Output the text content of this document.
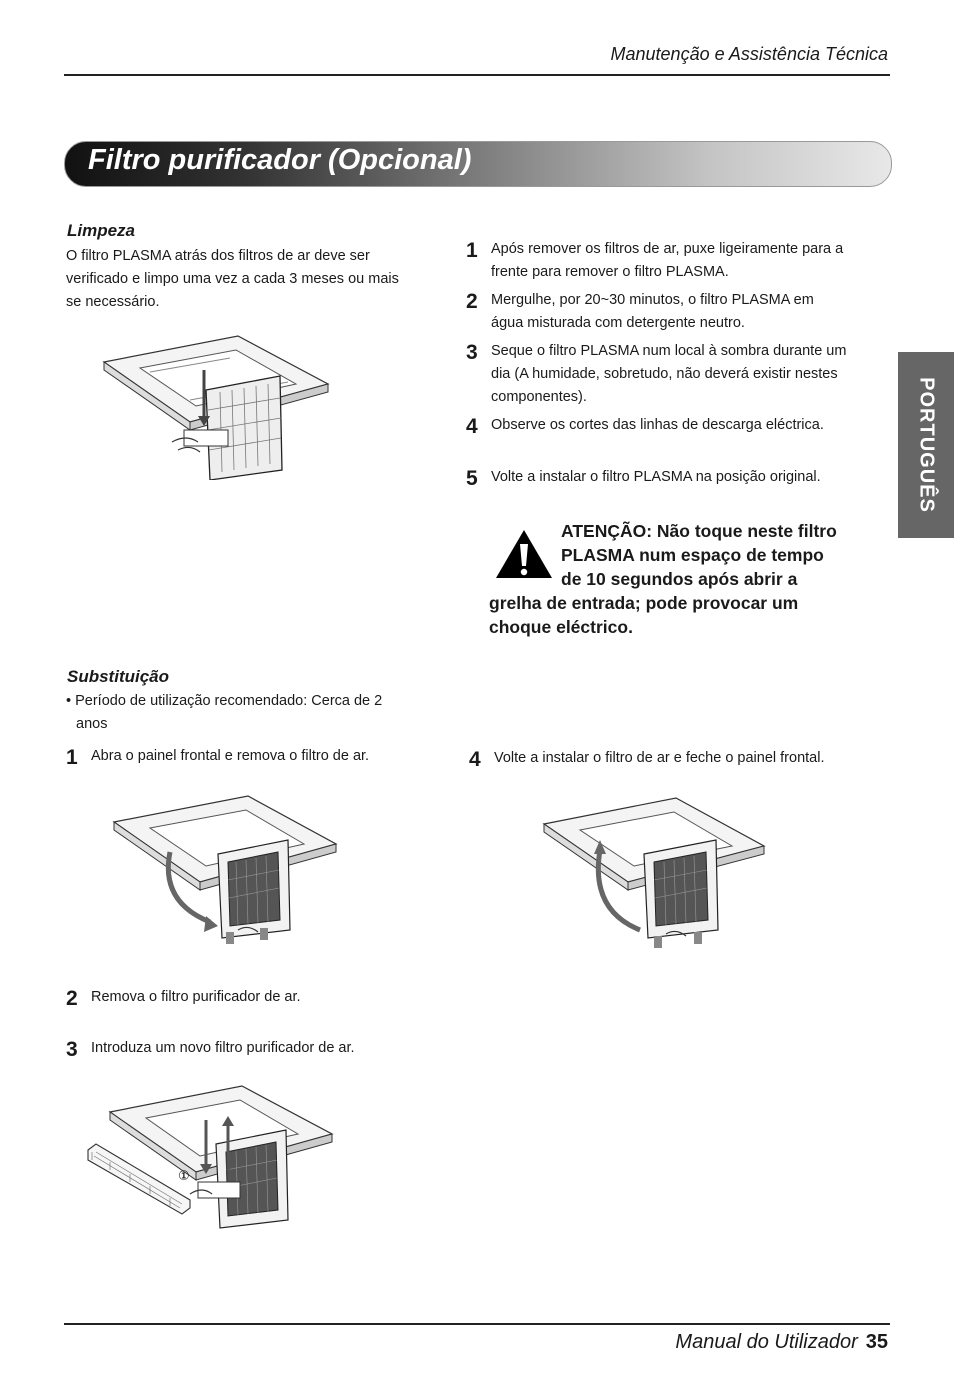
Manutenção e Assistência Técnica
Filtro purificador (Opcional)
PORTUGUÊS
Limpeza
O filtro PLASMA atrás dos filtros de ar deve ser
verificado e limpo uma vez a cada 3 meses ou mais
se necessário.
1 Após remover os filtros de ar, puxe ligeiramente para a
frente para remover o filtro PLASMA.
2 Mergulhe, por 20~30 minutos, o filtro PLASMA em
água misturada com detergente neutro.
3 Seque o filtro PLASMA num local à sombra durante um
dia (A humidade, sobretudo, não deverá existir nestes
componentes).
4 Observe os cortes das linhas de descarga eléctrica.
5 Volte a instalar o filtro PLASMA na posição original.
ATENÇÃO: Não toque neste filtro
PLASMA num espaço de tempo
de 10 segundos após abrir a
grelha de entrada; pode provocar um
choque eléctrico.
Substituição
• Período de utilização recomendado: Cerca de 2
anos
1 Abra o painel frontal e remova o filtro de ar.	4 Volte a instalar o filtro de ar e feche o painel frontal.
2 Remova o filtro purificador de ar.
3 Introduza um novo filtro purificador de ar.
①
Manual do Utilizador 35
